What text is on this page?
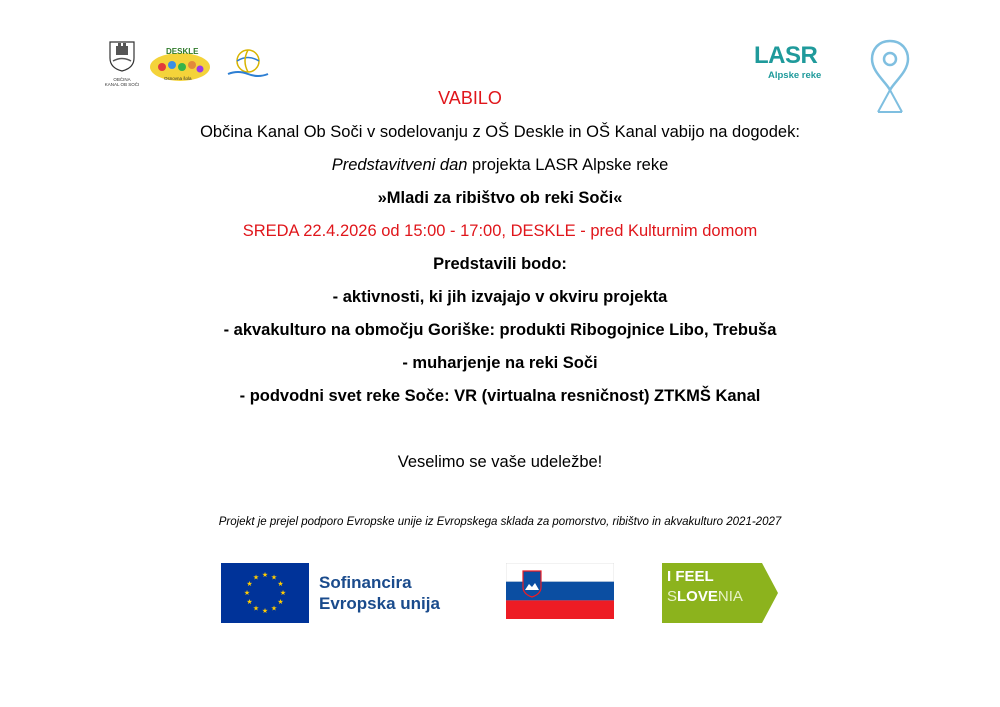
OBČINA
KANAL OB SOČI
DESKLE
Osnovna šola
LASR
Alpske reke
VABILO
Občina Kanal Ob Soči v sodelovanju z OŠ Deskle in OŠ Kanal vabijo na dogodek:
Predstavitveni dan projekta LASR Alpske reke
»Mladi za ribištvo ob reki Soči«
SREDA 22.4.2026 od 15:00 - 17:00, DESKLE - pred Kulturnim domom
Predstavili bodo:
- aktivnosti, ki jih izvajajo v okviru projekta
- akvakulturo na območju Goriške: produkti Ribogojnice Libo, Trebuša
- muharjenje na reki Soči
- podvodni svet reke Soče: VR (virtualna resničnost) ZTKMŠ Kanal
Veselimo se vaše udeležbe!
Projekt je prejel podporo Evropske unije iz Evropskega sklada za pomorstvo, ribištvo in akvakulturo 2021-2027
★ ★
★
★
★
★
★
★
★
★
★
★	Sofinancira
Evropska unija
I FEEL
SLOVENIA
